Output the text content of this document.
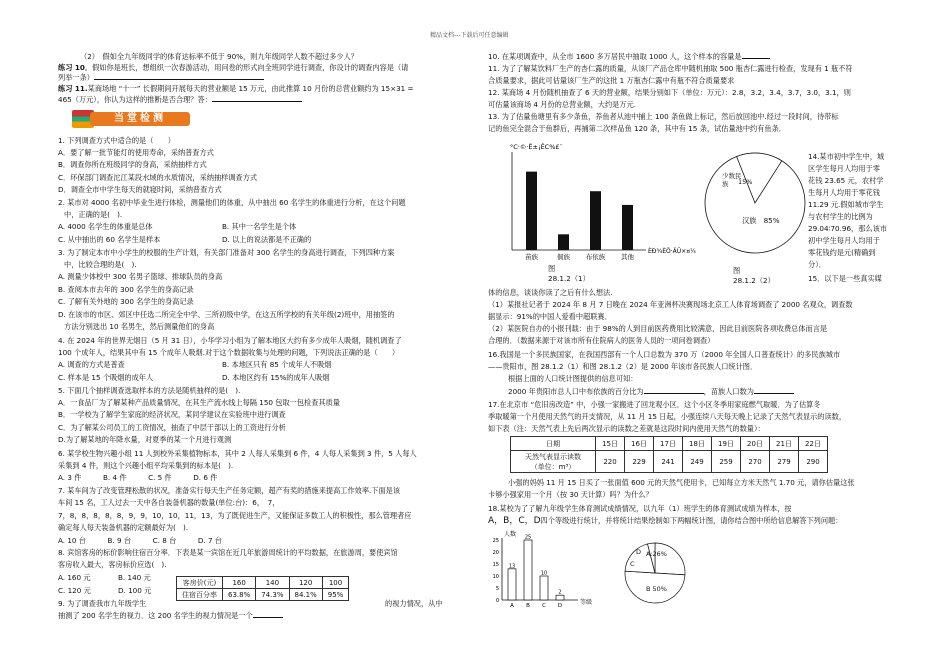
精品文档---下载后可任意编辑
（2）　假如全九年级同学的体育达标率不低于 90%，则九年级同学人数不超过多少人？
练习 10．假如你是班长，想组织一次春游活动，用问卷的形式向全班同学进行调查，你设计的调查内容是（请
列举一条）
练习 11.某商场地 “十一” 长假期间开展每天的营业额是 15 万元，由此推算 10 月份的总营业额约为 15×31 =
465（万元），你认为这样的推断是否合理？答：
当堂检测
1. 下列调查方式中适合的是（　　）
A．要了解一批节能灯的使用寿命，采纳普查方式
B．调查你所在班级同学的身高，采纳抽样方式
C．环保部门调查沱江某段水域的水质情况，采纳抽样调查方式
D．调查全市中学生每天的就寝时间，采纳普查方式
2. 某市对 4000 名初中毕业生进行体检，测量他们的体重，从中抽出 60 名学生的体重进行分析，在这个问题
中，正确的是(　).
A. 4000 名学生的体重是总体	B. 其中一名学生是个体
C. 从中抽出的 60 名学生是样本	D. 以上的说法都是不正确的
3. 为了制定本市中小学生的校服的生产计划，有关部门准备对 300 名学生的身高进行调查，下列四种方案
中，比较合理的是(　).
A. 测量少体校中 300 名男子篮球、排球队员的身高
B. 查阅本市去年的 300 名学生的身高记录
C. 了解有关外地的 300 名学生的身高记录
D. 在该市的市区、郊区中任选二所完全中学、三所初级中学，在这五所学校的有关年级(2)班中，用抽签的
方法分别选出 10 名男生，然后测量他们的身高
4. 在 2024 年的世界无烟日（5 月 31 日），小华学习小组为了解本地区大约有多少成年人吸烟，随机调查了
100 个成年人，结果其中有 15 个成年人吸烟.对于这个数据收集与处理的问题，下列说法正确的是（　　）
A. 调查的方式是普查	B. 本地区只有 85 个成年人不吸烟
C. 样本是 15 个吸烟的成年人	D. 本地区约有 15%的成年人吸烟
5. 下面几个抽样调查选取样本的方法是随机抽样的是(　).
A．一食品厂为了解某种产品质量情况，在其生产流水线上每隔 150 包取一包检查其质量
B．一学校为了解学生家庭的经济状况，某同学建议在实验班中进行调查
C．为了解某公司员工的工资情况，抽查了中层干部以上的工资进行分析
D.为了解某地的年降水量，对夏季的某一个月进行观测
6. 某学校生物兴趣小组 11 人到校外采集植物标本，其中 2 人每人采集到 6 件，4 人每人采集到 3 件，5 人每人
采集到 4 件，则这个兴趣小组平均采集到的标本是(　).
A. 3 件　　　B. 4 件　　　C. 5 件　　　D. 6 件
7. 某车间为了改变管理松散的状况，准备实行每天生产任务定额，超产有奖的措施来提高工作效率.下面是该
车间 15 名，工人过去一天中各自装备机器的数量(单位:台)：6，　7，
7，8，8，8，8，8，9，9，10，10，11，13，为了既促进生产，又能保证多数工人的积极性，那么管理者应
确定每人每天装备机器的定额最好为(　).
A. 10 台　　　B. 9 台　　　C. 8 台　　　D. 7 台
8. 宾馆客房的标价影响住宿百分率．下表是某一宾馆在近几年旅游周统计的平均数据，在旅游周，要使宾馆
客房收入最大，客房标价应选(　).
A. 160 元	B. 140 元
C. 120 元	D. 100 元
客房价(元)	160	140	120	100
住宿百分率	63.8%	74.3%	84.1%	95%
9. 为了调查我市九年级学生	的视力情况，从中
抽测了 200 名学生的视力．这 200 名学生的视力情况是一个
10. 在某项调查中，从全市 1600 多万居民中抽取 1000 人，这个样本的容量是
11. 为了了解某饮料厂生产的杏仁露的质量，从该厂产品仓库中随机抽取 500 瓶杏仁露进行检查，发现有 1 瓶不符
合质量要求，据此可估量该厂生产的这批 1 万瓶杏仁露中有瓶不符合质量要求
12. 某商场 4 月份随机抽查了 6 天的营业额，结果分别如下（单位：万元）：2.8，3.2，3.4，3.7，3.0，3.1，则
可估量该商场 4 月份的总营业额，大约是万元.
13. 为了估量鱼塘里有多少条鱼，养鱼者从池中捕上 100 条鱼做上标记，然后放回池中.经过一段时间，待带标
记的鱼完全混合于鱼群后，再捕第二次样品鱼 120 条，其中有 15 条，试估量池中约有鱼条．
°C·©·Ë±¡ÊC%£¨
ÈÐ¾ÈÖ·ÄÜ×¤¼
苗族	侗族 布依族 其他
图
28.1.2（1）
少数民族	15%
汉族　85%
图
28.1.2（2）
14.某市初中学生中，城
区学生每月人均用于零
花钱 23.65 元，农村学
生每月人均用于零花钱
11.29 元.假如城市学生
与农村学生的比例为
29.04∶70.96，那么该市
初中学生每月人均用于
零花钱约是元(精确到
分）．
15．以下是一些真实媒
体的信息，谈谈你读了之后有什么想法.
（1）某报社记者于 2024 年 8 月 7 日晚在 2024 年亚洲杯决赛现场北京工人体育场调查了 2000 名观众，调查数
据显示：91%的中国人爱看中超联赛．
（2）某医院自办的小报刊载：由于 98%的人到目前医药费用比较满意，因此目前医院各项收费总体而言是
合理的．（数据来源于对该市所有住院病人的医务人员的一项问卷调查）
16.我国是一个多民族国家，在我国西部有一个人口总数为 370 万（2000 年全国人口普查统计）的多民族城市
——贵阳市，图 28.1.2（1）和图 28.1.2（2）是 2000 年该市各民族人口统计图．
根据上面的人口统计图提供的信息可知：
2000 年贵阳市总人口中布依族的百分比为	，苗族人口数为
17.在北京市 “危旧房改造” 中，小强一家搬进了回龙观小区．这个小区冬季用家庭燃气取暖．为了估算冬
季取暖第一个月使用天然气的开支情况，从 11 月 15 日起，小强连续八天每天晚上记录了天然气表显示的读数，
如下表（注：天然气表上先后两次显示的读数之差就是这段时间内使用天然气的数量）：
日期	15日	16日	17日	18日	19日	20日	21日	22日

天然气表显示读数
（单位：m³）	220	229	241	249	259	270	279	290
小强的妈妈 11 月 15 日买了一张面值 600 元的天然气使用卡，已知每立方米天然气 1.70 元，请你估量这张
卡够小强家用一个月（按 30 天计算）吗？为什么？
18.某校为了了解九年级学生体育测试成绩情况，以九年（1）班学生的体育测试成绩为样本，按
A，B，C，D四个等级进行统计，并将统计结果绘制如下两幅统计图，请你结合图中所给信息解答下列问题：
人数
等级
0
5
10
15
20
25
A
13
B
25
C
10
D
2
A:26%
B 50%
C
D
